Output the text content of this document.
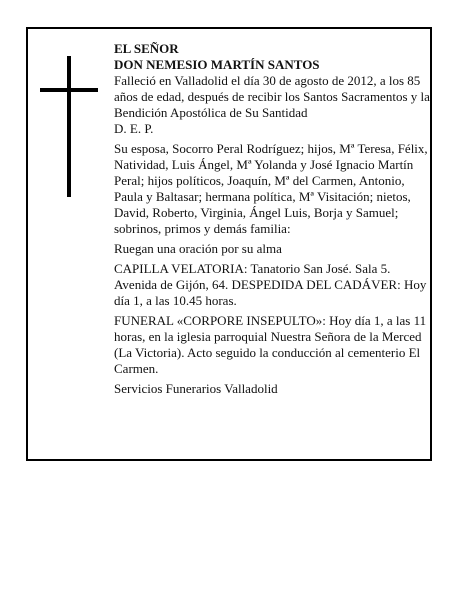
EL SEÑOR

DON NEMESIO MARTÍN SANTOS

Falleció en Valladolid el día 30 de agosto de 2012, a los 85 años de edad, después de recibir los Santos Sacramentos y la Bendición Apostólica de Su Santidad

D. E. P.

Su esposa, Socorro Peral Rodríguez; hijos, Mª Teresa, Félix, Natividad, Luis Ángel, Mª Yolanda y José Ignacio Martín Peral; hijos políticos, Joaquín, Mª del Carmen, Antonio, Paula y Baltasar; hermana política, Mª Visitación; nietos, David, Roberto, Virginia, Ángel Luis, Borja y Samuel; sobrinos, primos y demás familia:

Ruegan una oración por su alma

CAPILLA VELATORIA: Tanatorio San José. Sala 5. Avenida de Gijón, 64. DESPEDIDA DEL CADÁVER: Hoy día 1, a las 10.45 horas.

FUNERAL «CORPORE INSEPULTO»: Hoy día 1, a las 11 horas, en la iglesia parroquial Nuestra Señora de la Merced (La Victoria). Acto seguido la conducción al cementerio El Carmen.

Servicios Funerarios Valladolid
